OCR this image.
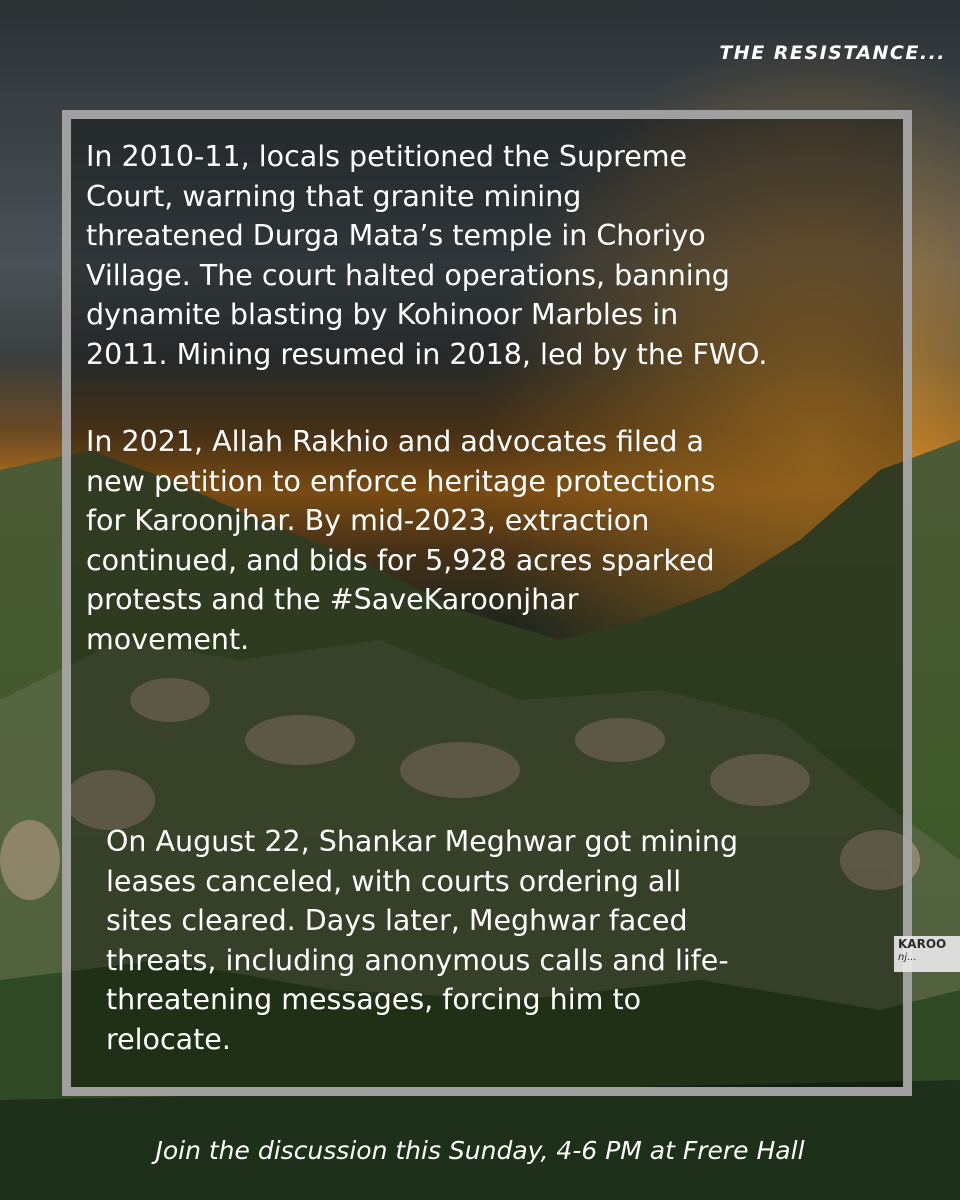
THE RESISTANCE...
In 2010-11, locals petitioned the Supreme
Court, warning that granite mining
threatened Durga Mata’s temple in Choriyo
Village. The court halted operations, banning
dynamite blasting by Kohinoor Marbles in
2011. Mining resumed in 2018, led by the FWO.
In 2021, Allah Rakhio and advocates filed a
new petition to enforce heritage protections
for Karoonjhar. By mid-2023, extraction
continued, and bids for 5,928 acres sparked
protests and the #SaveKaroonjhar
movement.
On August 22, Shankar Meghwar got mining
leases canceled, with courts ordering all
sites cleared. Days later, Meghwar faced
threats, including anonymous calls and life-
threatening messages, forcing him to
relocate.
KAROO
nj...
Join the discussion this Sunday, 4-6 PM at Frere Hall
